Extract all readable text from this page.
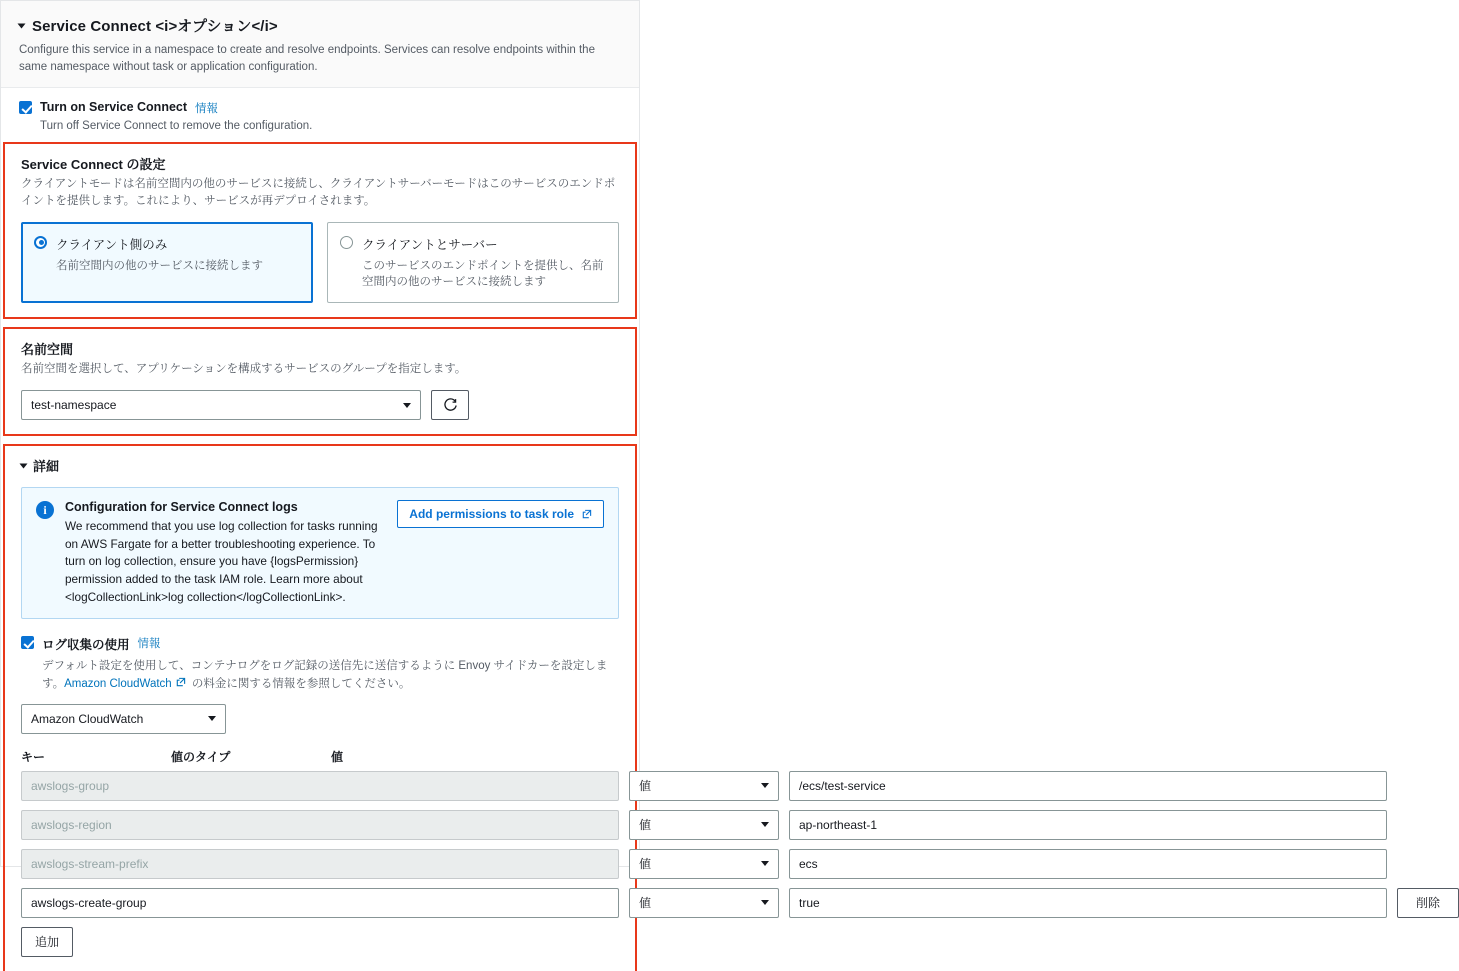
Service Connect <i>オプション</i>
Configure this service in a namespace to create and resolve endpoints. Services can resolve endpoints within the same namespace without task or application configuration.
Turn on Service Connect 情報
Turn off Service Connect to remove the configuration.
Service Connect の設定
クライアントモードは名前空間内の他のサービスに接続し、クライアントサーバーモードはこのサービスのエンドポイントを提供します。これにより、サービスが再デプロイされます。
クライアント側のみ
名前空間内の他のサービスに接続します
クライアントとサーバー
このサービスのエンドポイントを提供し、名前空間内の他のサービスに接続します
名前空間
名前空間を選択して、アプリケーションを構成するサービスのグループを指定します。
test-namespace
詳細
i	Configuration for Service Connect logs
We recommend that you use log collection for tasks running on AWS Fargate for a better troubleshooting experience. To turn on log collection, ensure you have {logsPermission} permission added to the task IAM role. Learn more about <logCollectionLink>log collection</logCollectionLink>.
Add permissions to task role
ログ収集の使用 情報
デフォルト設定を使用して、コンテナログをログ記録の送信先に送信するように Envoy サイドカーを設定します。Amazon CloudWatch の料金に関する情報を参照してください。
Amazon CloudWatch
キー	値のタイプ	値
awslogs-group	値	/ecs/test-service
awslogs-region	値	ap-northeast-1
awslogs-stream-prefix	値	ecs
awslogs-create-group	値	true	削除
追加
